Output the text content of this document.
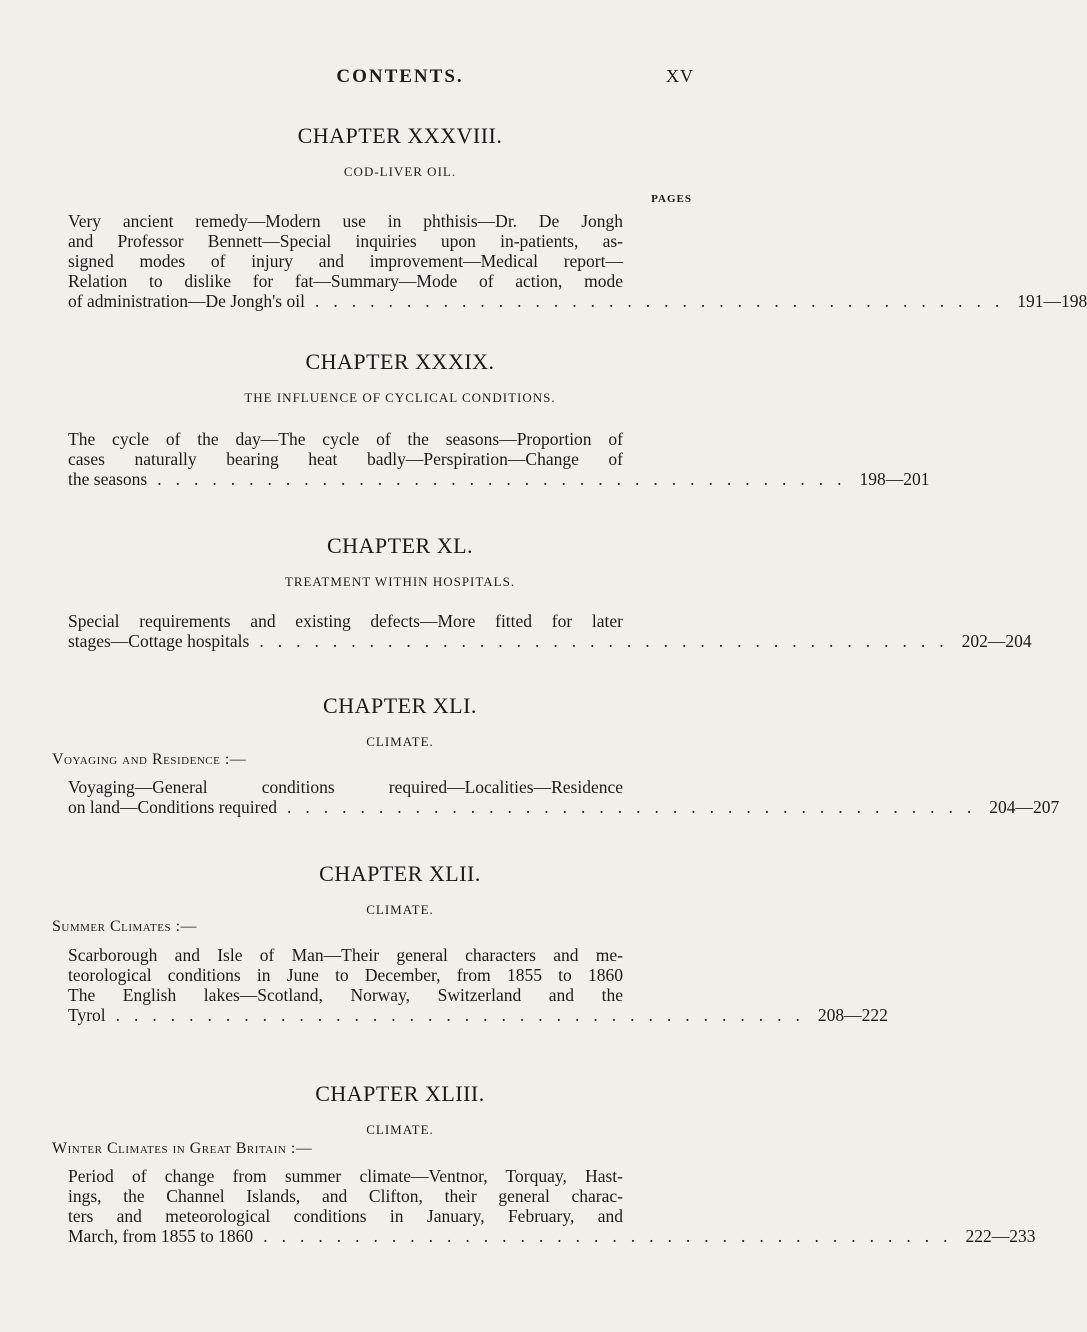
CONTENTS.	XV
CHAPTER XXXVIII.
COD-LIVER OIL.
PAGES
Very ancient remedy—Modern use in phthisis—Dr. De Jongh
and Professor Bennett—Special inquiries upon in-patients, as-
signed modes of injury and improvement—Medical report—
Relation to dislike for fat—Summary—Mode of action, mode
of administration—De Jongh's oil ...................................... 191—198
CHAPTER XXXIX.
THE INFLUENCE OF CYCLICAL CONDITIONS.
The cycle of the day—The cycle of the seasons—Proportion of
cases naturally bearing heat badly—Perspiration—Change of
the seasons ...................................... 198—201
CHAPTER XL.
TREATMENT WITHIN HOSPITALS.
Special requirements and existing defects—More fitted for later
stages—Cottage hospitals ...................................... 202—204
CHAPTER XLI.
CLIMATE.
Voyaging and Residence :—
Voyaging—General conditions required—Localities—Residence
on land—Conditions required ...................................... 204—207
CHAPTER XLII.
CLIMATE.
Summer Climates :—
Scarborough and Isle of Man—Their general characters and me-
teorological conditions in June to December, from 1855 to 1860
The English lakes—Scotland, Norway, Switzerland and the
Tyrol ...................................... 208—222
CHAPTER XLIII.
CLIMATE.
Winter Climates in Great Britain :—
Period of change from summer climate—Ventnor, Torquay, Hast-
ings, the Channel Islands, and Clifton, their general charac-
ters and meteorological conditions in January, February, and
March, from 1855 to 1860 ...................................... 222—233
